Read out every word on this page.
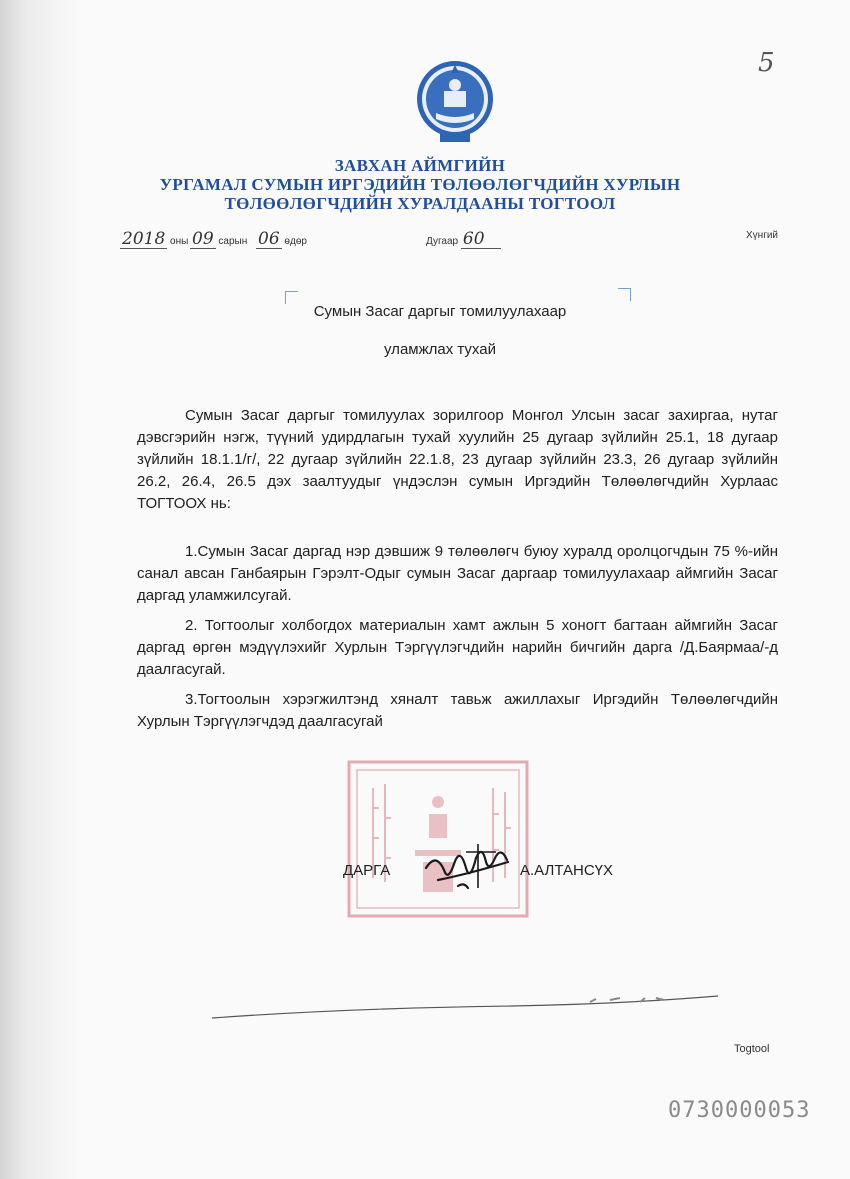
5
ЗАВХАН АЙМГИЙН
УРГАМАЛ СУМЫН ИРГЭДИЙН ТӨЛӨӨЛӨГЧДИЙН ХУРЛЫН
ТӨЛӨӨЛӨГЧДИЙН ХУРАЛДААНЫ ТОГТООЛ
2018 оны 09 сарын 06 өдөр	Дугаар 60	Хүнгий
Сумын Засаг даргыг томилуулахаар
уламжлах тухай
Сумын Засаг даргыг томилуулах зорилгоор Монгол Улсын засаг захиргаа, нутаг дэвсгэрийн нэгж, түүний удирдлагын тухай хуулийн 25 дугаар зүйлийн 25.1, 18 дугаар зүйлийн 18.1.1/г/, 22 дугаар зүйлийн 22.1.8, 23 дугаар зүйлийн 23.3, 26 дугаар зүйлийн 26.2, 26.4, 26.5 дэх заалтуудыг үндэслэн сумын Иргэдийн Төлөөлөгчдийн Хурлаас ТОГТООХ нь:
1.Сумын Засаг даргад нэр дэвшиж 9 төлөөлөгч буюу хуралд оролцогчдын 75 %-ийн санал авсан Ганбаярын Гэрэлт-Одыг сумын Засаг даргаар томилуулахаар аймгийн Засаг даргад уламжилсугай.
2. Тогтоолыг холбогдох материалын хамт ажлын 5 хоногт багтаан аймгийн Засаг даргад өргөн мэдүүлэхийг Хурлын Тэргүүлэгчдийн нарийн бичгийн дарга /Д.Баярмаа/-д даалгасугай.
3.Тогтоолын хэрэгжилтэнд хяналт тавьж ажиллахыг Иргэдийн Төлөөлөгчдийн Хурлын Тэргүүлэгчдэд даалгасугай
ДАРГА	А.АЛТАНСҮХ
Togtool
0730000053
